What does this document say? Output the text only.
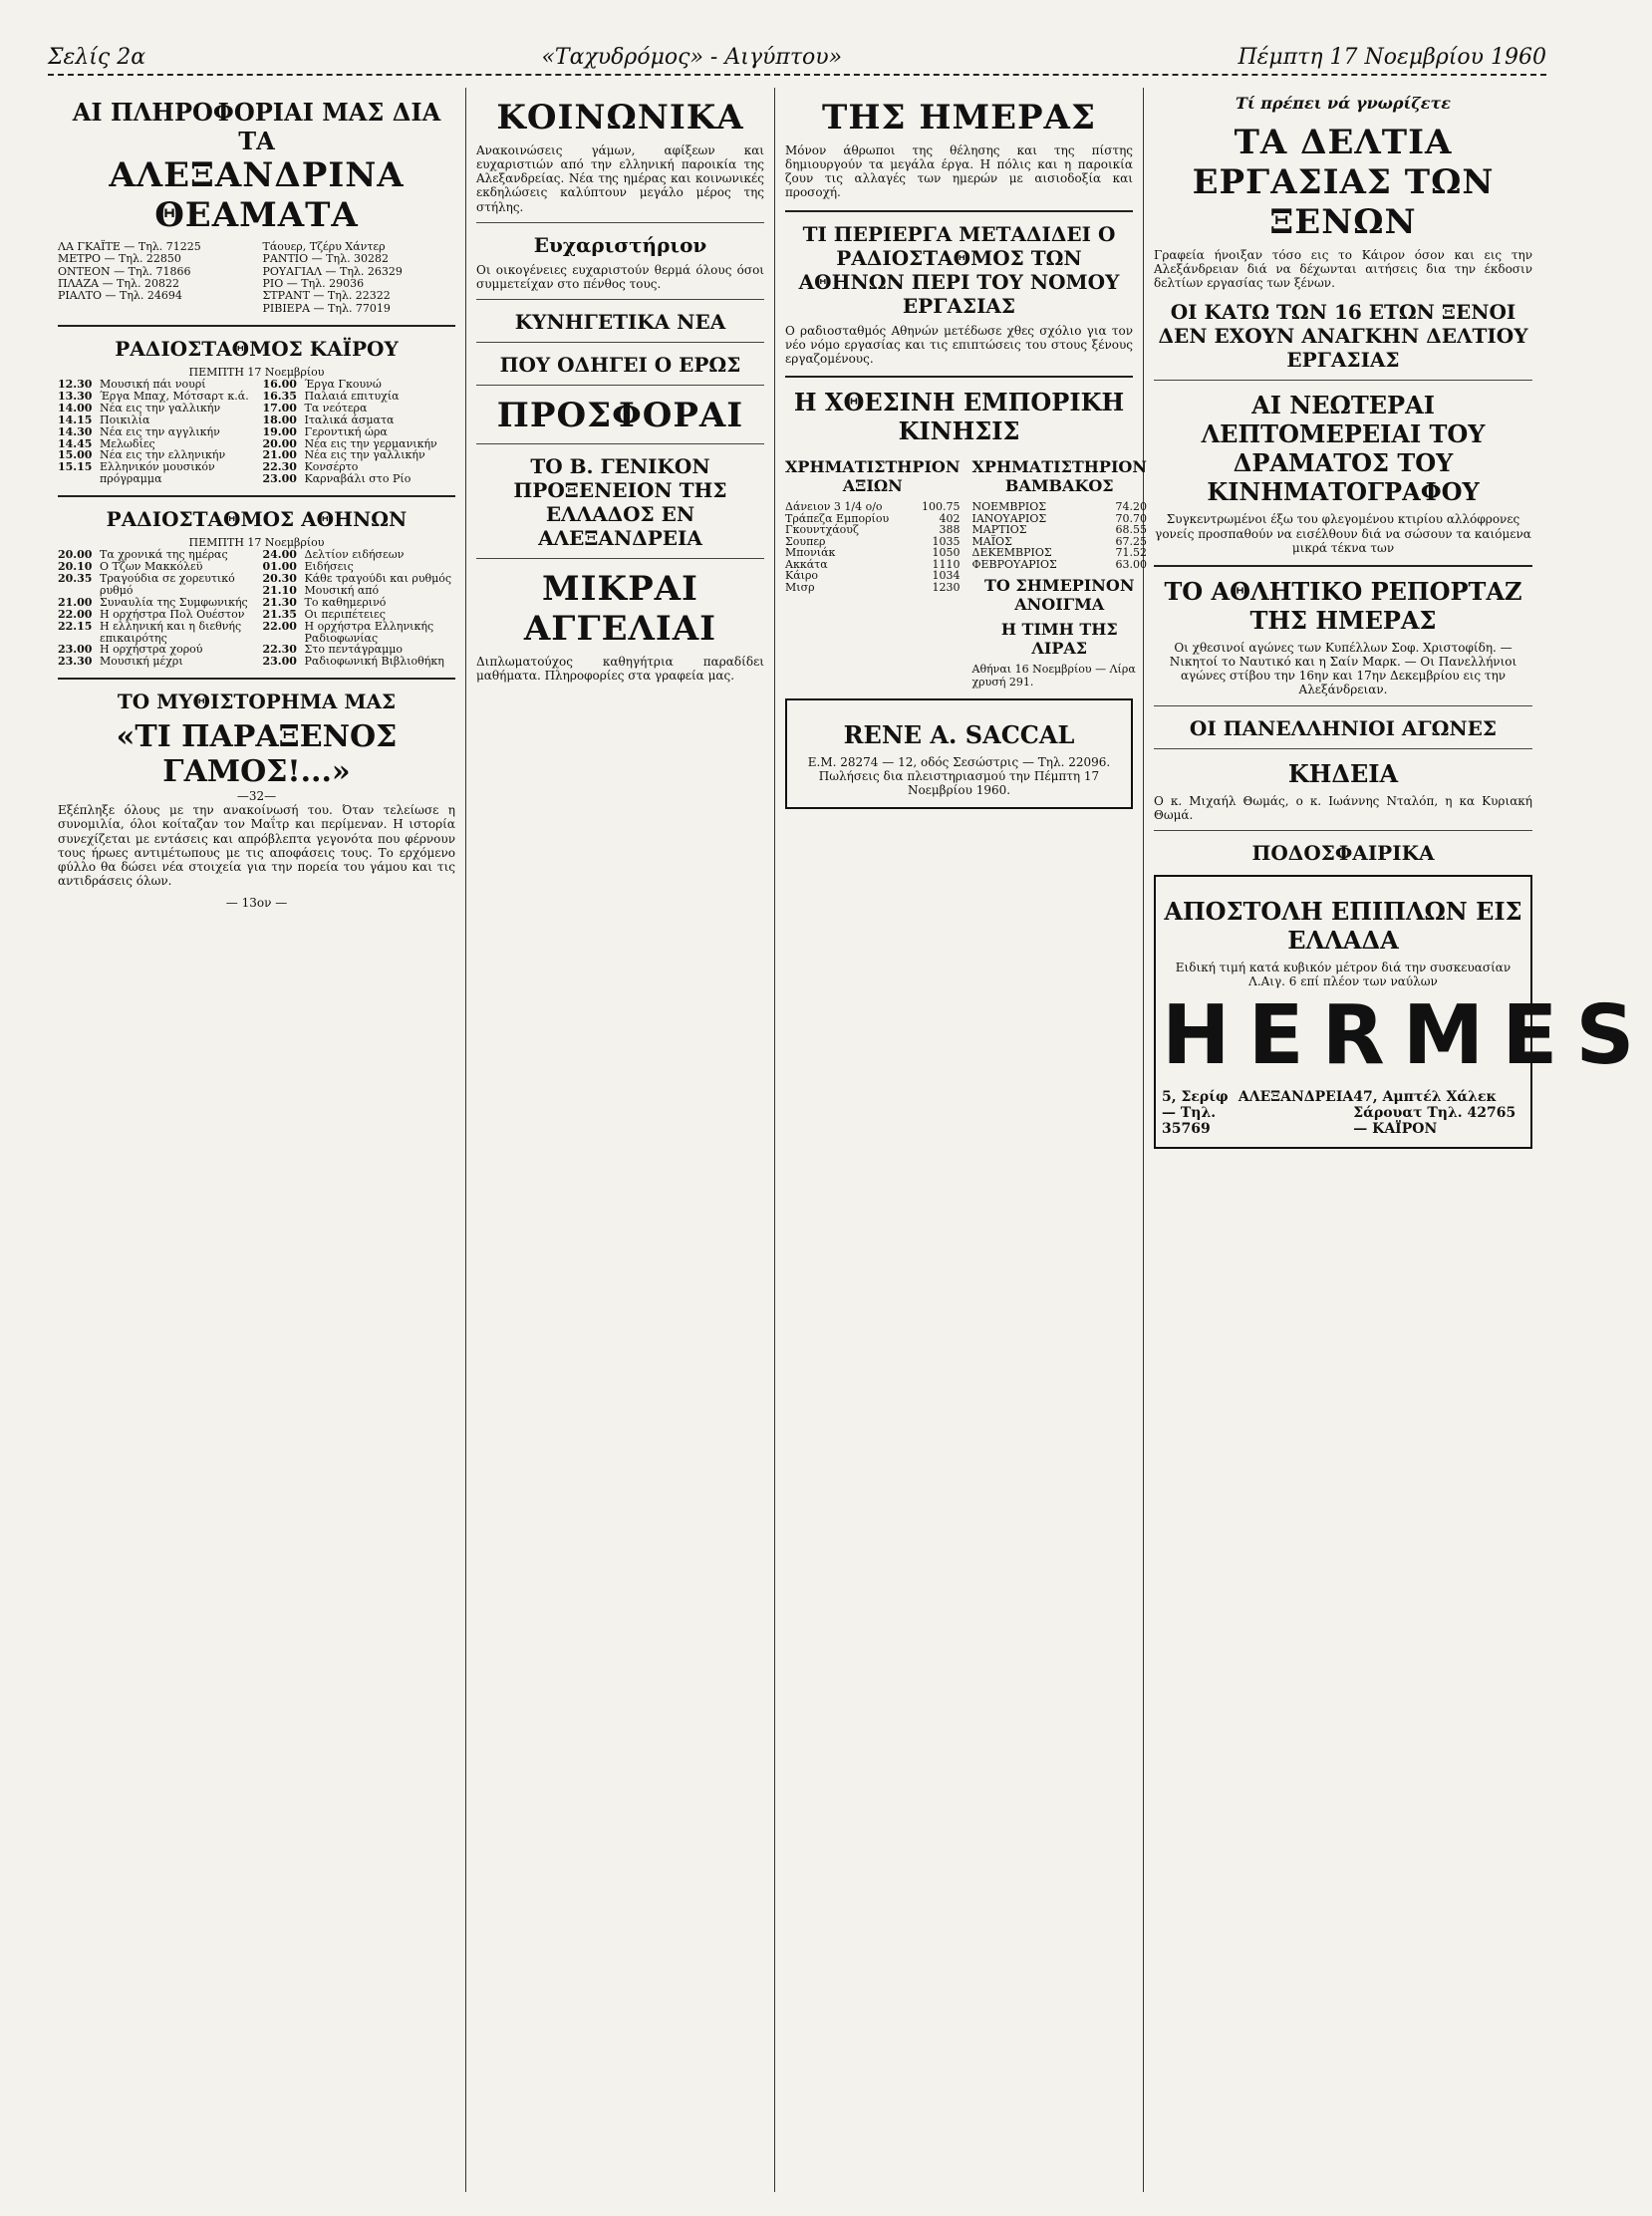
Σελίς 2α	«Ταχυδρόμος» - Αιγύπτου»	Πέμπτη 17 Νοεμβρίου 1960
ΑΙ ΠΛΗΡΟΦΟΡΙΑΙ ΜΑΣ ΔΙΑ ΤΑ
ΑΛΕΞΑΝΔΡΙΝΑ ΘΕΑΜΑΤΑ
ΛΑ ΓΚΑΪΤΕ — Τηλ. 71225
ΜΕΤΡΟ — Τηλ. 22850
ΟΝΤΕΟΝ — Τηλ. 71866
ΠΛΑΖΑ — Τηλ. 20822
ΡΙΑΛΤΟ — Τηλ. 24694
Τάουερ, Τζέρυ Χάντερ
ΡΑΝΤΙΟ — Τηλ. 30282
ΡΟΥΑΓΙΑΛ — Τηλ. 26329
ΡΙΟ — Τηλ. 29036
ΣΤΡΑΝΤ — Τηλ. 22322
ΡΙΒΙΕΡΑ — Τηλ. 77019
ΡΑΔΙΟΣΤΑΘΜΟΣ ΚΑΪΡΟΥ
ΠΕΜΠΤΗ 17 Νοεμβρίου
12.30 Μουσική πάι νουρί
13.30 Έργα Μπαχ, Μότσαρτ κ.ά.
14.00 Νέα εις την γαλλικήν
14.15 Ποικιλία
14.30 Νέα εις την αγγλικήν
14.45 Μελωδίες
15.00 Νέα εις την ελληνικήν
15.15 Ελληνικόν μουσικόν πρόγραμμα
16.00 Έργα Γκουνώ
16.35 Παλαιά επιτυχία
17.00 Τα νεότερα
18.00 Ιταλικά άσματα
19.00 Γεροντική ώρα
20.00 Νέα εις την γερμανικήν
21.00 Νέα εις την γαλλικήν
22.30 Κονσέρτο
23.00 Καρναβάλι στο Ρίο
ΡΑΔΙΟΣΤΑΘΜΟΣ ΑΘΗΝΩΝ
ΠΕΜΠΤΗ 17 Νοεμβρίου
20.00 Τα χρονικά της ημέρας
20.10 Ο Τζων Μακκόλεϋ
20.35 Τραγούδια σε χορευτικό ρυθμό
21.00 Συναυλία της Συμφωνικής
22.00 Η ορχήστρα Πολ Ουέστον
22.15 Η ελληνική και η διεθνής επικαιρότης
23.00 Η ορχήστρα χορού
23.30 Μουσική μέχρι
24.00 Δελτίον ειδήσεων
01.00 Ειδήσεις
20.30 Κάθε τραγούδι και ρυθμός
21.10 Μουσική από
21.30 Το καθημερινό
21.35 Οι περιπέτειες
22.00 Η ορχήστρα Ελληνικής Ραδιοφωνίας
22.30 Στο πεντάγραμμο
23.00 Ραδιοφωνική Βιβλιοθήκη
ΤΟ ΜΥΘΙΣΤΟΡΗΜΑ ΜΑΣ
«ΤΙ ΠΑΡΑΞΕΝΟΣ ΓΑΜΟΣ!...»
—32—
Εξέπληξε όλους με την ανακοίνωσή του. Όταν τελείωσε η συνομιλία, όλοι κοίταζαν τον Μαΐτρ και περίμεναν. Η ιστορία συνεχίζεται με εντάσεις και απρόβλεπτα γεγονότα που φέρνουν τους ήρωες αντιμέτωπους με τις αποφάσεις τους. Το ερχόμενο φύλλο θα δώσει νέα στοιχεία για την πορεία του γάμου και τις αντιδράσεις όλων.
— 13ον —
ΚΟΙΝΩΝΙΚΑ
Ανακοινώσεις γάμων, αφίξεων και ευχαριστιών από την ελληνική παροικία της Αλεξανδρείας. Νέα της ημέρας και κοινωνικές εκδηλώσεις καλύπτουν μεγάλο μέρος της στήλης.
Ευχαριστήριον
Οι οικογένειες ευχαριστούν θερμά όλους όσοι συμμετείχαν στο πένθος τους.
ΚΥΝΗΓΕΤΙΚΑ ΝΕΑ
ΠΟΥ ΟΔΗΓΕΙ Ο ΕΡΩΣ
ΠΡΟΣΦΟΡΑΙ
ΤΟ Β. ΓΕΝΙΚΟΝ ΠΡΟΞΕΝΕΙΟΝ ΤΗΣ ΕΛΛΑΔΟΣ ΕΝ ΑΛΕΞΑΝΔΡΕΙΑ
ΜΙΚΡΑΙ ΑΓΓΕΛΙΑΙ
Διπλωματούχος καθηγήτρια παραδίδει μαθήματα. Πληροφορίες στα γραφεία μας.
ΤΗΣ ΗΜΕΡΑΣ
Μόνον άθρωποι της θέλησης και της πίστης δημιουργούν τα μεγάλα έργα. Η πόλις και η παροικία ζουν τις αλλαγές των ημερών με αισιοδοξία και προσοχή.
ΤΙ ΠΕΡΙΕΡΓΑ ΜΕΤΑΔΙΔΕΙ Ο ΡΑΔΙΟΣΤΑΘΜΟΣ ΤΩΝ ΑΘΗΝΩΝ ΠΕΡΙ ΤΟΥ ΝΟΜΟΥ ΕΡΓΑΣΙΑΣ
Ο ραδιοσταθμός Αθηνών μετέδωσε χθες σχόλιο για τον νέο νόμο εργασίας και τις επιπτώσεις του στους ξένους εργαζομένους.
Η ΧΘΕΣΙΝΗ ΕΜΠΟΡΙΚΗ ΚΙΝΗΣΙΣ
ΧΡΗΜΑΤΙΣΤΗΡΙΟΝ ΑΞΙΩΝ
Δάνειον 3 1/4 ο/ο	100.75
Τράπεζα Εμπορίου	402
Γκουντχάουζ	388
Σουπερ	1035
Μπονιάκ	1050
Ακκάτα	1110
Κάιρο	1034
Μισρ	1230
ΧΡΗΜΑΤΙΣΤΗΡΙΟΝ ΒΑΜΒΑΚΟΣ
ΝΟΕΜΒΡΙΟΣ	74.20
ΙΑΝΟΥΑΡΙΟΣ	70.70
ΜΑΡΤΙΟΣ	68.55
ΜΑΪΟΣ	67.25
ΔΕΚΕΜΒΡΙΟΣ	71.52
ΦΕΒΡΟΥΑΡΙΟΣ	63.00
ΤΟ ΣΗΜΕΡΙΝΟΝ ΑΝΟΙΓΜΑ
Η ΤΙΜΗ ΤΗΣ ΛΙΡΑΣ
Αθήναι 16 Νοεμβρίου — Λίρα χρυσή 291.
RENE A. SACCAL
Ε.Μ. 28274 — 12, οδός Σεσώστρις — Τηλ. 22096. Πωλήσεις δια πλειστηριασμού την Πέμπτη 17 Νοεμβρίου 1960.
Τί πρέπει νά γνωρίζετε
ΤΑ ΔΕΛΤΙΑ ΕΡΓΑΣΙΑΣ ΤΩΝ ΞΕΝΩΝ
Γραφεία ήνοιξαν τόσο εις το Κάιρον όσον και εις την Αλεξάνδρειαν διά να δέχωνται αιτήσεις δια την έκδοσιν δελτίων εργασίας των ξένων.
ΟΙ ΚΑΤΩ ΤΩΝ 16 ΕΤΩΝ ΞΕΝΟΙ ΔΕΝ ΕΧΟΥΝ ΑΝΑΓΚΗΝ ΔΕΛΤΙΟΥ ΕΡΓΑΣΙΑΣ
ΑΙ ΝΕΩΤΕΡΑΙ ΛΕΠΤΟΜΕΡΕΙΑΙ ΤΟΥ ΔΡΑΜΑΤΟΣ ΤΟΥ ΚΙΝΗΜΑΤΟΓΡΑΦΟΥ
Συγκεντρωμένοι έξω του φλεγομένου κτιρίου αλλόφρονες γονείς προσπαθούν να εισέλθουν διά να σώσουν τα καιόμενα μικρά τέκνα των
ΤΟ ΑΘΛΗΤΙΚΟ ΡΕΠΟΡΤΑΖ ΤΗΣ ΗΜΕΡΑΣ
Οι χθεσινοί αγώνες των Κυπέλλων Σοφ. Χριστοφίδη. — Νικητοί το Ναυτικό και η Σαίν Μαρκ. — Οι Πανελλήνιοι αγώνες στίβου την 16ην και 17ην Δεκεμβρίου εις την Αλεξάνδρειαν.
ΟΙ ΠΑΝΕΛΛΗΝΙΟΙ ΑΓΩΝΕΣ
ΚΗΔΕΙΑ
Ο κ. Μιχαήλ Θωμάς, ο κ. Ιωάννης Νταλόπ, η κα Κυριακή Θωμά.
ΠΟΔΟΣΦΑΙΡΙΚΑ
ΑΠΟΣΤΟΛΗ ΕΠΙΠΛΩΝ ΕΙΣ ΕΛΛΑΔΑ
Ειδική τιμή κατά κυβικόν μέτρον διά την συσκευασίαν Λ.Αιγ. 6 επί πλέον των ναύλων
HERMES
5, Σερίφ — Τηλ. 35769
ΑΛΕΞΑΝΔΡΕΙΑ 47, Αμπτέλ Χάλεκ Σάρουατ Τηλ. 42765 — ΚΑΪΡΟΝ
